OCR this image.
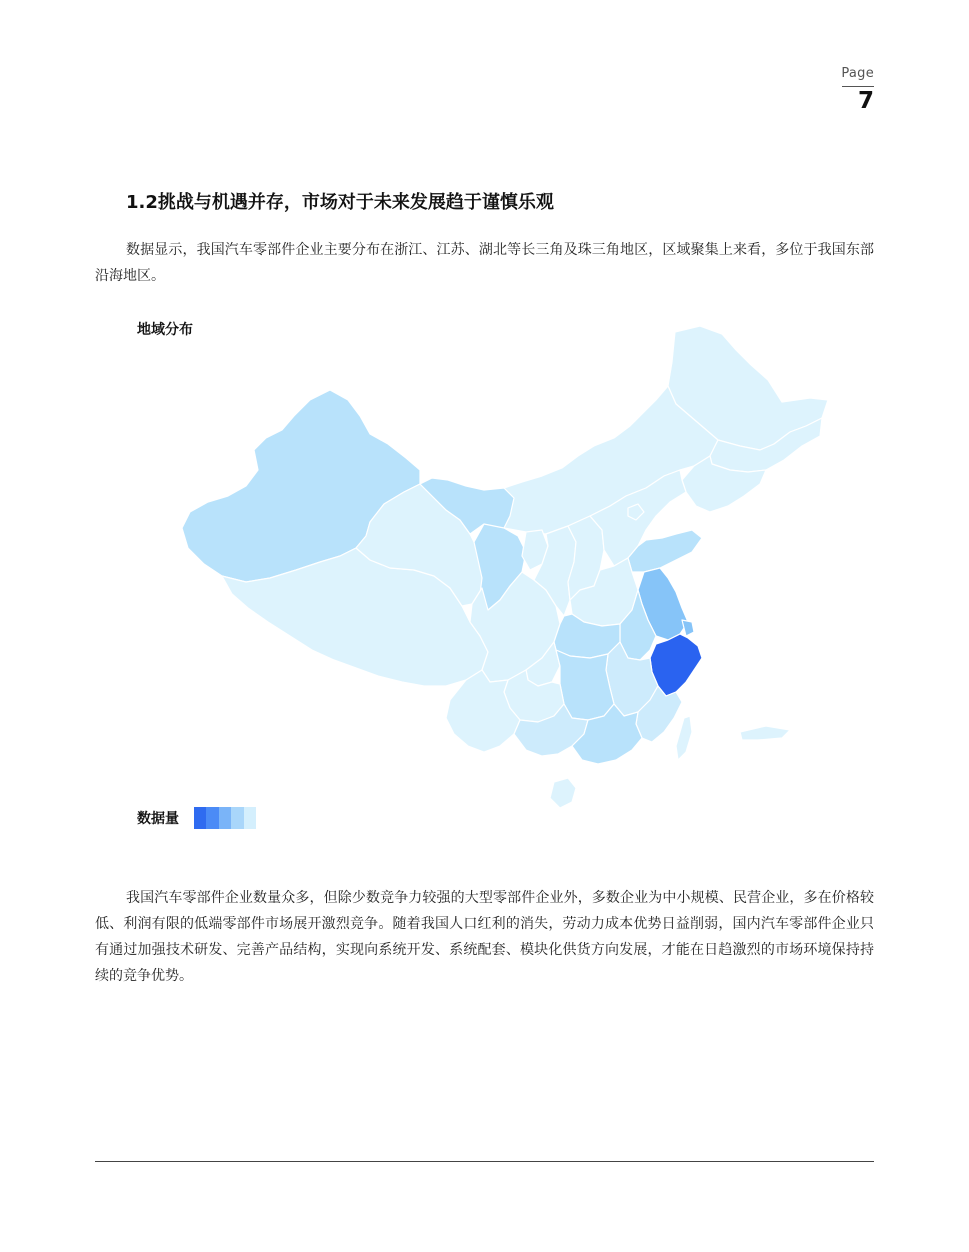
Page
7
1.2挑战与机遇并存，市场对于未来发展趋于谨慎乐观

数据显示，我国汽车零部件企业主要分布在浙江、江苏、湖北等长三角及珠三角地区，区域聚集上来看，多位于我国东部沿海地区。

地域分布
数据量

我国汽车零部件企业数量众多，但除少数竞争力较强的大型零部件企业外，多数企业为中小规模、民营企业，多在价格较低、利润有限的低端零部件市场展开激烈竞争。随着我国人口红利的消失，劳动力成本优势日益削弱，国内汽车零部件企业只有通过加强技术研发、完善产品结构，实现向系统开发、系统配套、模块化供货方向发展，才能在日趋激烈的市场环境保持持续的竞争优势。
